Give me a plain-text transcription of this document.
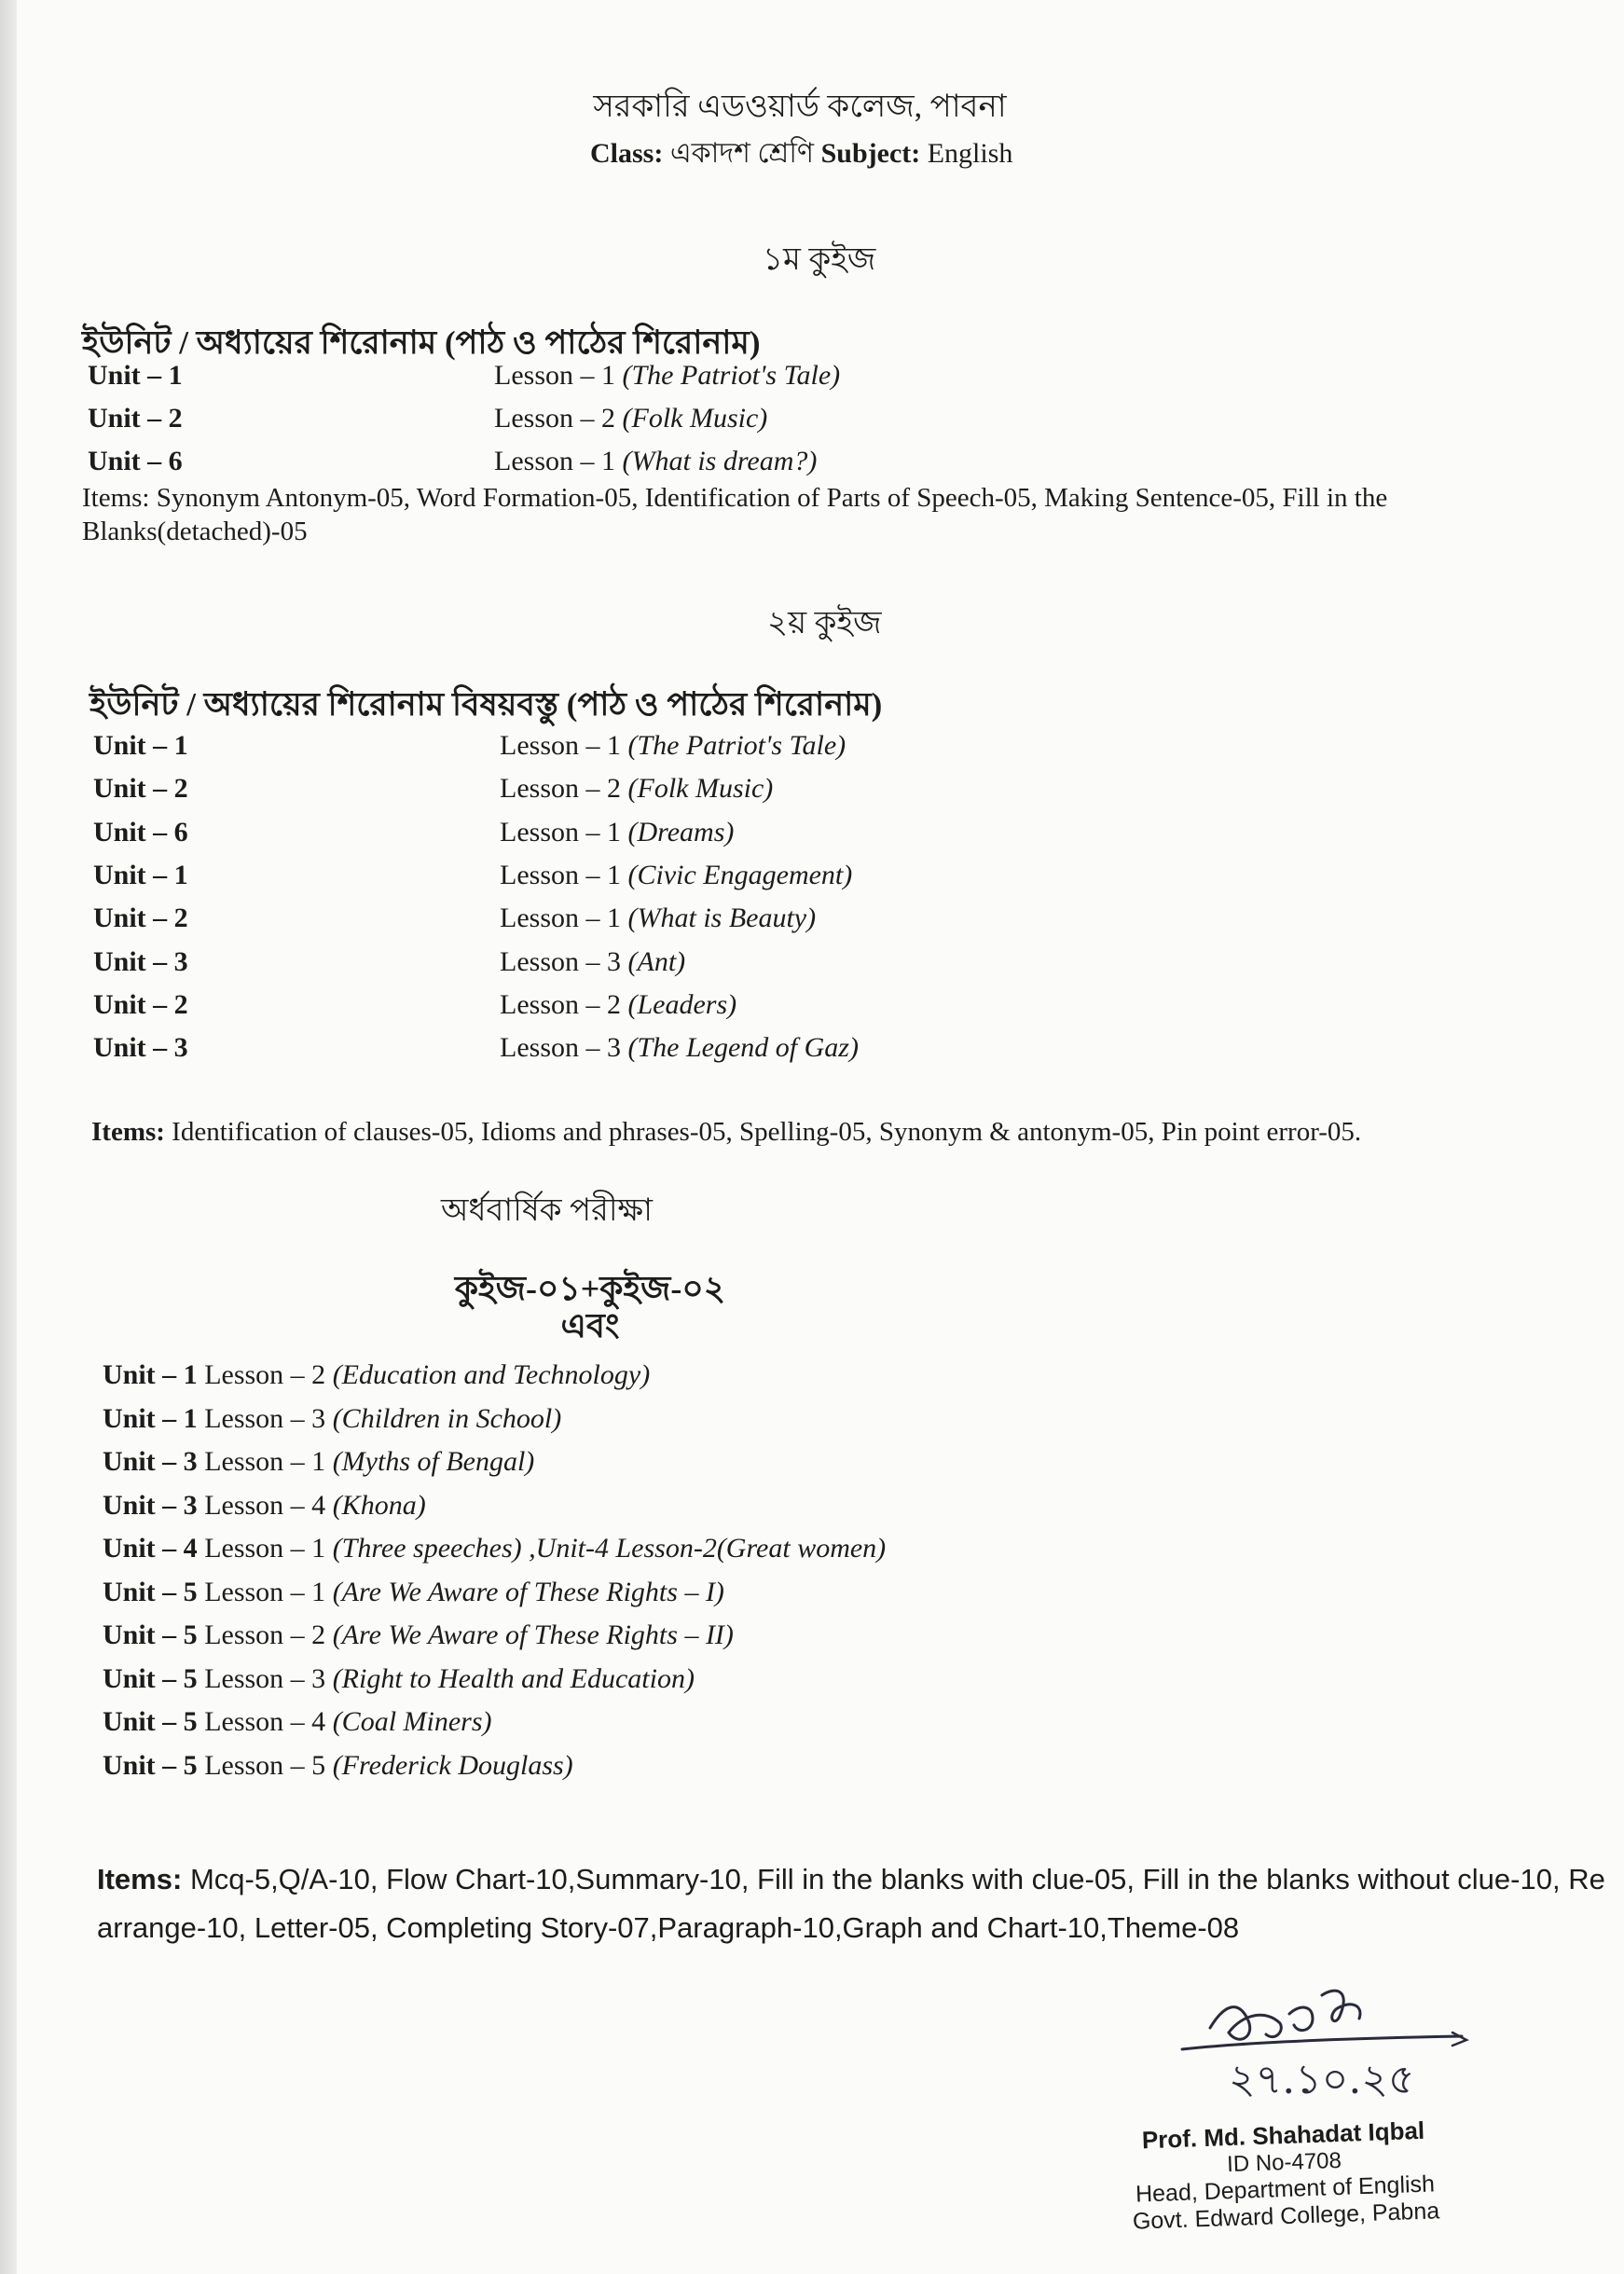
সরকারি এডওয়ার্ড কলেজ, পাবনা
Class: একাদশ শ্রেণি Subject: English
১ম কুইজ
ইউনিট / অধ্যায়ের শিরোনাম (পাঠ ও পাঠের শিরোনাম)
Unit – 1	Lesson – 1 (The Patriot's Tale)
Unit – 2	Lesson – 2 (Folk Music)
Unit – 6	Lesson – 1 (What is dream?)
Items: Synonym Antonym-05, Word Formation-05, Identification of Parts of Speech-05, Making Sentence-05, Fill in the Blanks(detached)-05
২য় কুইজ
ইউনিট / অধ্যায়ের শিরোনাম বিষয়বস্তু (পাঠ ও পাঠের শিরোনাম)
Unit – 1	Lesson – 1 (The Patriot's Tale)
Unit – 2	Lesson – 2 (Folk Music)
Unit – 6	Lesson – 1 (Dreams)
Unit – 1	Lesson – 1 (Civic Engagement)
Unit – 2	Lesson – 1 (What is Beauty)
Unit – 3	Lesson – 3 (Ant)
Unit – 2	Lesson – 2 (Leaders)
Unit – 3	Lesson – 3 (The Legend of Gaz)
Items: Identification of clauses-05, Idioms and phrases-05, Spelling-05, Synonym & antonym-05, Pin point error-05.
অর্ধবার্ষিক পরীক্ষা
কুইজ-০১+কুইজ-০২
এবং
Unit – 1 Lesson – 2 (Education and Technology)
Unit – 1 Lesson – 3 (Children in School)
Unit – 3 Lesson – 1 (Myths of Bengal)
Unit – 3 Lesson – 4 (Khona)
Unit – 4 Lesson – 1 (Three speeches) ,Unit-4 Lesson-2(Great women)
Unit – 5 Lesson – 1 (Are We Aware of These Rights – I)
Unit – 5 Lesson – 2 (Are We Aware of These Rights – II)
Unit – 5 Lesson – 3 (Right to Health and Education)
Unit – 5 Lesson – 4 (Coal Miners)
Unit – 5 Lesson – 5 (Frederick Douglass)
Items: Mcq-5,Q/A-10, Flow Chart-10,Summary-10, Fill in the blanks with clue-05, Fill in the blanks without clue-10, Re arrange-10, Letter-05, Completing Story-07,Paragraph-10,Graph and Chart-10,Theme-08
২৭.১০.২৫
Prof. Md. Shahadat Iqbal
ID No-4708
Head, Department of English
Govt. Edward College, Pabna
